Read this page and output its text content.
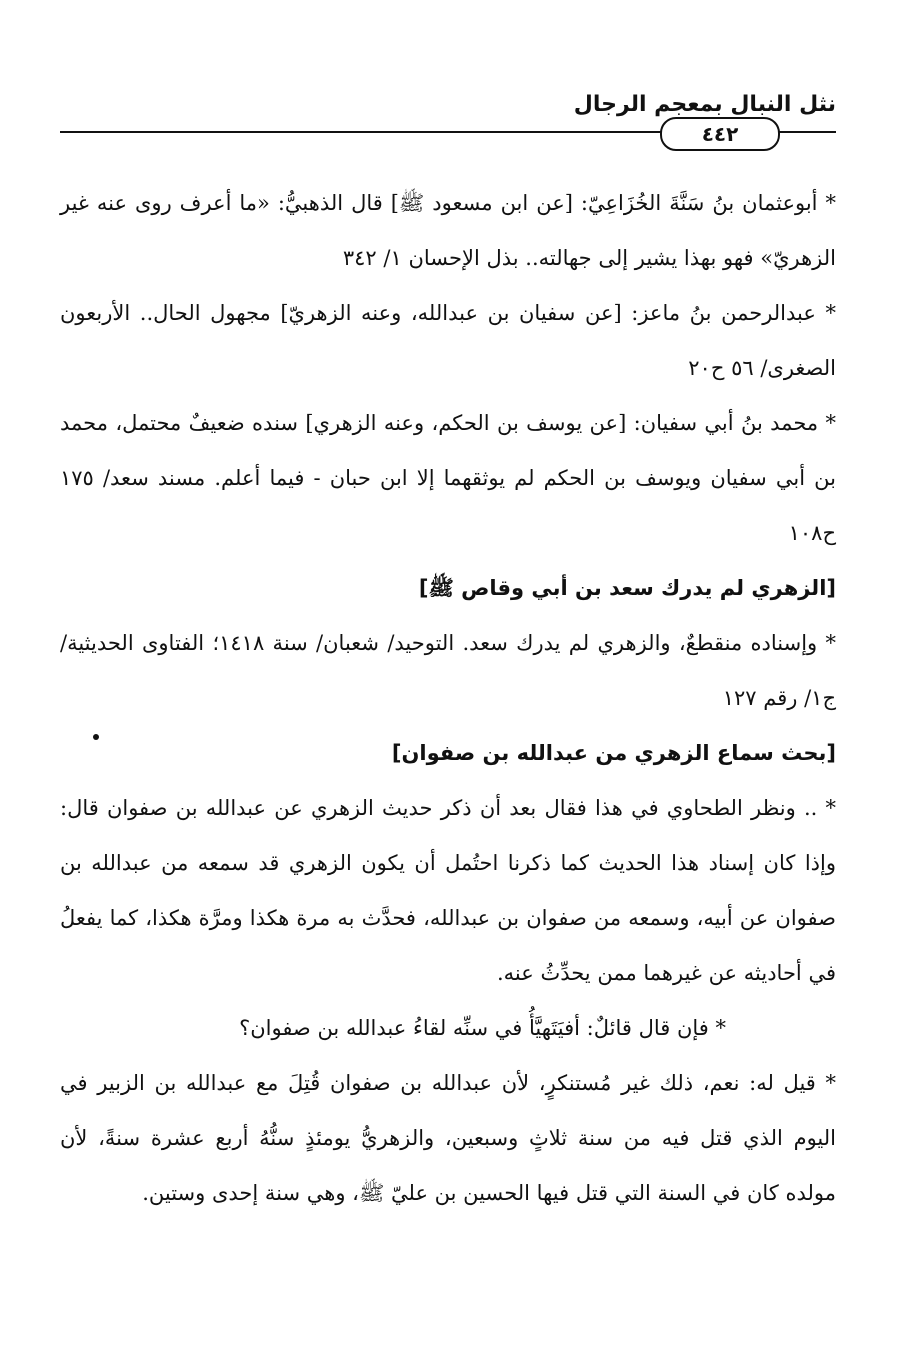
نثل النبال بمعجم الرجال
٤٤٢

* أبوعثمان بنُ سَنَّةَ الخُزَاعِيّ: [عن ابن مسعود ﷺ] قال الذهبيُّ: «ما أعرف روى عنه غير الزهريّ» فهو بهذا يشير إلى جهالته.. بذل الإحسان ١/ ٣٤٢

* عبدالرحمن بنُ ماعز: [عن سفيان بن عبدالله، وعنه الزهريّ] مجهول الحال.. الأربعون الصغرى/ ٥٦ ح٢٠

* محمد بنُ أبي سفيان: [عن يوسف بن الحكم، وعنه الزهري] سنده ضعيفٌ محتمل، محمد بن أبي سفيان ويوسف بن الحكم لم يوثقهما إلا ابن حبان - فيما أعلم. مسند سعد/ ١٧٥ ح١٠٨

[الزهري لم يدرك سعد بن أبي وقاص ﷺ]

* وإسناده منقطعٌ، والزهري لم يدرك سعد. التوحيد/ شعبان/ سنة ١٤١٨؛ الفتاوى الحديثية/ ج١/ رقم ١٢٧

[بحث سماع الزهري من عبدالله بن صفوان]

* .. ونظر الطحاوي في هذا فقال بعد أن ذكر حديث الزهري عن عبدالله بن صفوان قال: وإذا كان إسناد هذا الحديث كما ذكرنا احتُمل أن يكون الزهري قد سمعه من عبدالله بن صفوان عن أبيه، وسمعه من صفوان بن عبدالله، فحدَّث به مرة هكذا ومرَّة هكذا، كما يفعلُ في أحاديثه عن غيرهما ممن يحدِّثُ عنه.

* فإن قال قائلٌ: أفيَتَهيَّأُ في سنِّه لقاءُ عبدالله بن صفوان؟

* قيل له: نعم، ذلك غير مُستنكرٍ، لأن عبدالله بن صفوان قُتِلَ مع عبدالله بن الزبير في اليوم الذي قتل فيه من سنة ثلاثٍ وسبعين، والزهريُّ يومئذٍ سنُّهُ أربع عشرة سنةً، لأن مولده كان في السنة التي قتل فيها الحسين بن عليّ ﷺ، وهي سنة إحدى وستين.
